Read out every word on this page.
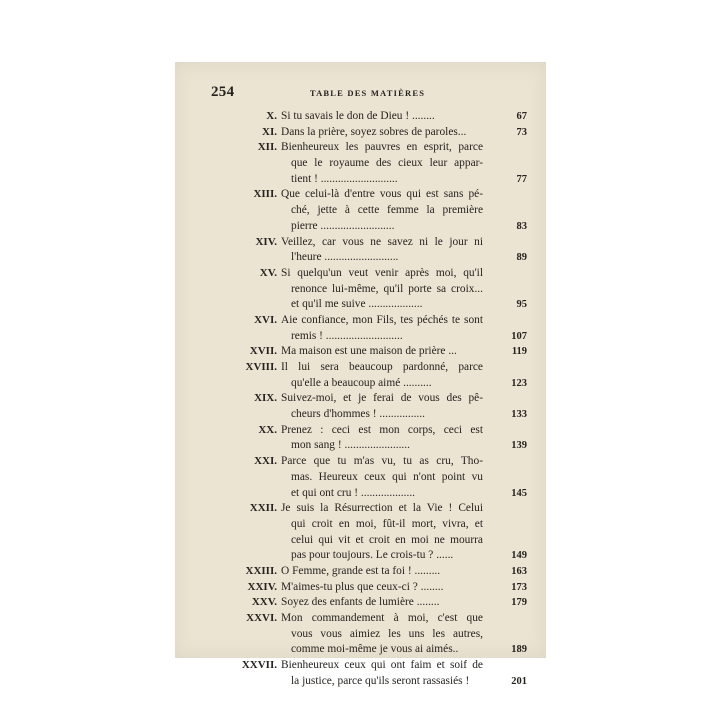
254	TABLE DES MATIÈRES
X. Si tu savais le don de Dieu ! ........	67
XI. Dans la prière, soyez sobres de paroles...	73
XII. Bienheureux les pauvres en esprit, parce
que le royaume des cieux leur appar-
tient ! ...........................	77
XIII. Que celui-là d'entre vous qui est sans pé-
ché, jette à cette femme la première
pierre ..........................	83
XIV. Veillez, car vous ne savez ni le jour ni
l'heure ..........................	89
XV. Si quelqu'un veut venir après moi, qu'il
renonce lui-même, qu'il porte sa croix...
et qu'il me suive ...................	95
XVI. Aie confiance, mon Fils, tes péchés te sont
remis ! ...........................	107
XVII. Ma maison est une maison de prière ...	119
XVIII. Il lui sera beaucoup pardonné, parce
qu'elle a beaucoup aimé ..........	123
XIX. Suivez-moi, et je ferai de vous des pê-
cheurs d'hommes ! ................	133
XX. Prenez : ceci est mon corps, ceci est
mon sang ! .......................	139
XXI. Parce que tu m'as vu, tu as cru, Tho-
mas. Heureux ceux qui n'ont point vu
et qui ont cru ! ...................	145
XXII. Je suis la Résurrection et la Vie ! Celui
qui croit en moi, fût-il mort, vivra, et
celui qui vit et croit en moi ne mourra
pas pour toujours. Le crois-tu ? ......	149
XXIII. O Femme, grande est ta foi ! .........	163
XXIV. M'aimes-tu plus que ceux-ci ? ........	173
XXV. Soyez des enfants de lumière ........	179
XXVI. Mon commandement à moi, c'est que
vous vous aimiez les uns les autres,
comme moi-même je vous ai aimés..	189
XXVII. Bienheureux ceux qui ont faim et soif de
la justice, parce qu'ils seront rassasiés !	201
